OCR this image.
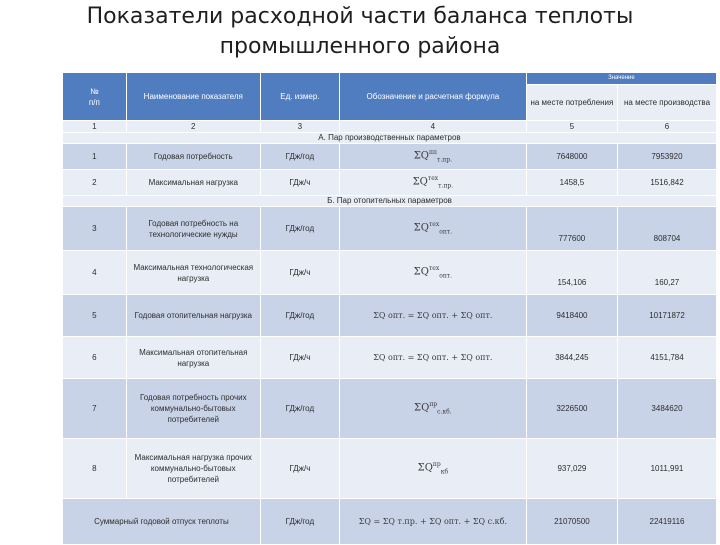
Показатели расходной части баланса теплоты
промышленного района
№
п/п	Наименование показателя	Ед. измер.	Обозначение и расчетная формула	Значение	
				на месте потребления	на месте производства
1	2	3	4	5	6
А. Пар производственных параметров					
1	Годовая потребность	ГДж/год	$\Sigma Q^{пп}_{т.пр.}$	7648000	7953920
2	Максимальная нагрузка	ГДж/ч	$\Sigma Q^{тех}_{т.пр.}$	1458,5	1516,842
Б. Пар отопительных параметров					
3	Годовая потребность на технологические нужды	ГДж/год	$\Sigma Q^{тех}_{опт.}$	777600	808704
4	Максимальная технологическая нагрузка	ГДж/ч	$\Sigma Q^{тех}_{опт.}$	154,106	160,27
5	Годовая отопительная нагрузка	ГДж/год	ΣQ опт. = ΣQ опт. + ΣQ опт.	9418400	10171872
6	Максимальная отопительная нагрузка	ГДж/ч	ΣQ опт. = ΣQ опт. + ΣQ опт.	3844,245	4151,784
7	Годовая потребность прочих коммунально-бытовых потребителей	ГДж/год	$\Sigma Q^{пр}_{с.кб.}$	3226500	3484620
8	Максимальная нагрузка прочих коммунально-бытовых потребителей	ГДж/ч	$\Sigma Q^{пр}_{кб}$	937,029	1011,991
Суммарный годовой отпуск теплоты		ГДж/год	ΣQ = ΣQ т.пр. + ΣQ опт. + ΣQ с.кб.	21070500	22419116
